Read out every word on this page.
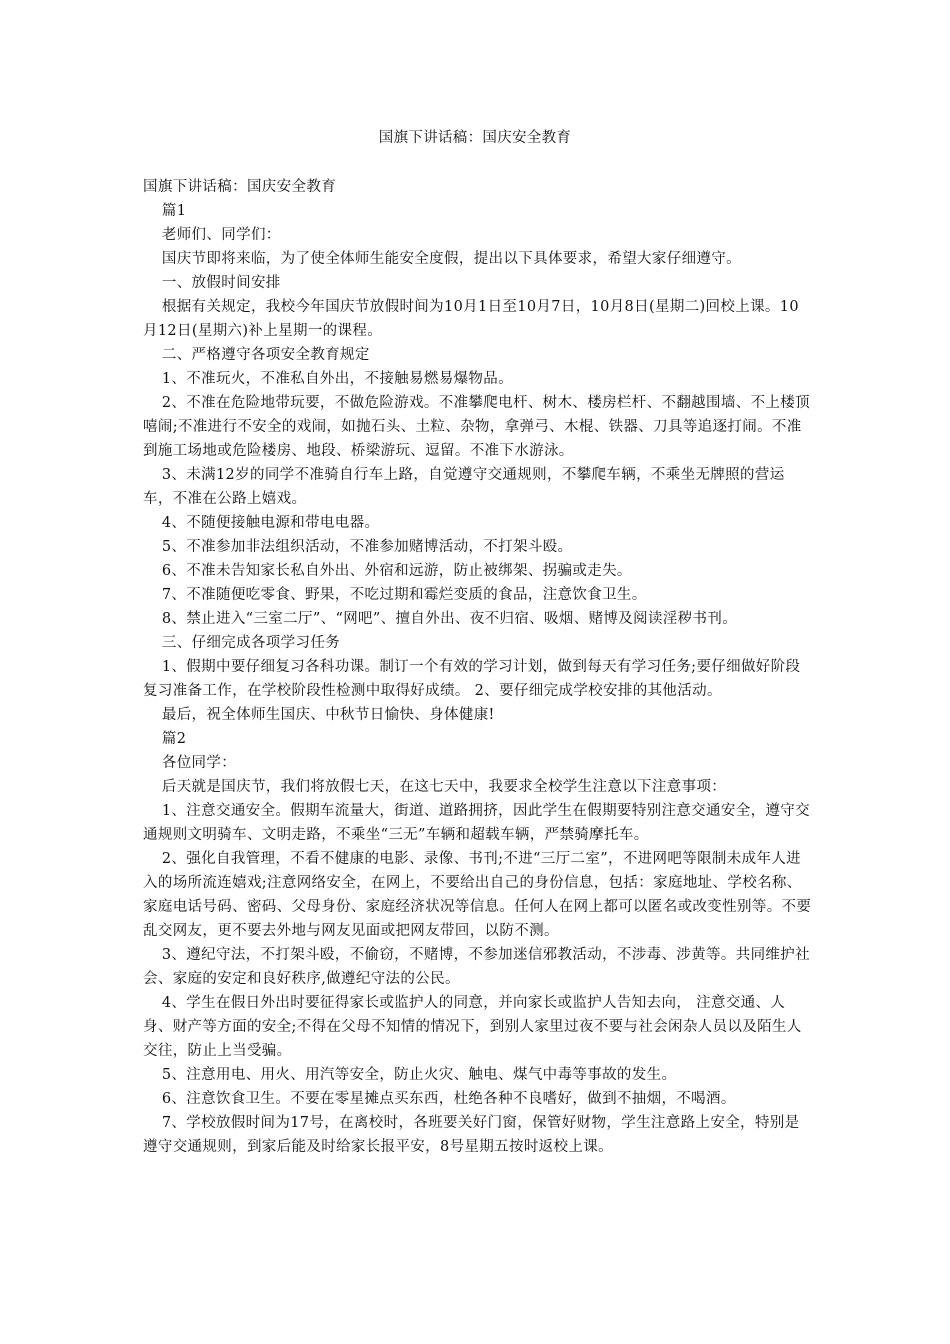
国旗下讲话稿：国庆安全教育

国旗下讲话稿：国庆安全教育

篇1

老师们、同学们：

国庆节即将来临，为了使全体师生能安全度假，提出以下具体要求，希望大家仔细遵守。

一、放假时间安排

根据有关规定，我校今年国庆节放假时间为10月1日至10月7日，10月8日(星期二)回校上课。10月12日(星期六)补上星期一的课程。

二、严格遵守各项安全教育规定

1、不准玩火，不准私自外出，不接触易燃易爆物品。

2、不准在危险地带玩要，不做危险游戏。不准攀爬电杆、树木、楼房栏杆、不翻越围墙、不上楼顶嘻闹;不准进行不安全的戏闹，如抛石头、土粒、杂物，拿弹弓、木棍、铁器、刀具等追逐打闹。不准到施工场地或危险楼房、地段、桥梁游玩、逗留。不准下水游泳。

3、未满12岁的同学不准骑自行车上路，自觉遵守交通规则，不攀爬车辆，不乘坐无牌照的营运车，不准在公路上嬉戏。

4、不随便接触电源和带电电器。

5、不准参加非法组织活动，不准参加赌博活动，不打架斗殴。

6、不准未告知家长私自外出、外宿和远游，防止被绑架、拐骗或走失。

7、不准随便吃零食、野果，不吃过期和霉烂变质的食品，注意饮食卫生。

8、禁止进入“三室二厅”、“网吧”、擅自外出、夜不归宿、吸烟、赌博及阅读淫秽书刊。

三、仔细完成各项学习任务

1、假期中要仔细复习各科功课。制订一个有效的学习计划，做到每天有学习任务;要仔细做好阶段复习准备工作，在学校阶段性检测中取得好成绩。 2、要仔细完成学校安排的其他活动。

最后，祝全体师生国庆、中秋节日愉快、身体健康!

篇2

各位同学：

后天就是国庆节，我们将放假七天，在这七天中，我要求全校学生注意以下注意事项：

1、注意交通安全。假期车流量大，街道、道路拥挤，因此学生在假期要特别注意交通安全，遵守交通规则文明骑车、文明走路，不乘坐“三无”车辆和超载车辆，严禁骑摩托车。

2、强化自我管理，不看不健康的电影、录像、书刊;不进“三厅二室”，不进网吧等限制未成年人进入的场所流连嬉戏;注意网络安全，在网上，不要给出自己的身份信息，包括：家庭地址、学校名称、家庭电话号码、密码、父母身份、家庭经济状况等信息。任何人在网上都可以匿名或改变性别等。不要乱交网友，更不要去外地与网友见面或把网友带回，以防不测。

3、遵纪守法，不打架斗殴，不偷窃，不赌博，不参加迷信邪教活动，不涉毒、涉黄等。共同维护社会、家庭的安定和良好秩序,做遵纪守法的公民。

4、学生在假日外出时要征得家长或监护人的同意，并向家长或监护人告知去向， 注意交通、人身、财产等方面的安全;不得在父母不知情的情况下，到别人家里过夜不要与社会闲杂人员以及陌生人交往，防止上当受骗。

5、注意用电、用火、用汽等安全，防止火灾、触电、煤气中毒等事故的发生。

6、注意饮食卫生。不要在零星摊点买东西，杜绝各种不良嗜好，做到不抽烟，不喝酒。

7、学校放假时间为17号，在离校时，各班要关好门窗，保管好财物，学生注意路上安全，特别是遵守交通规则，到家后能及时给家长报平安，8号星期五按时返校上课。
